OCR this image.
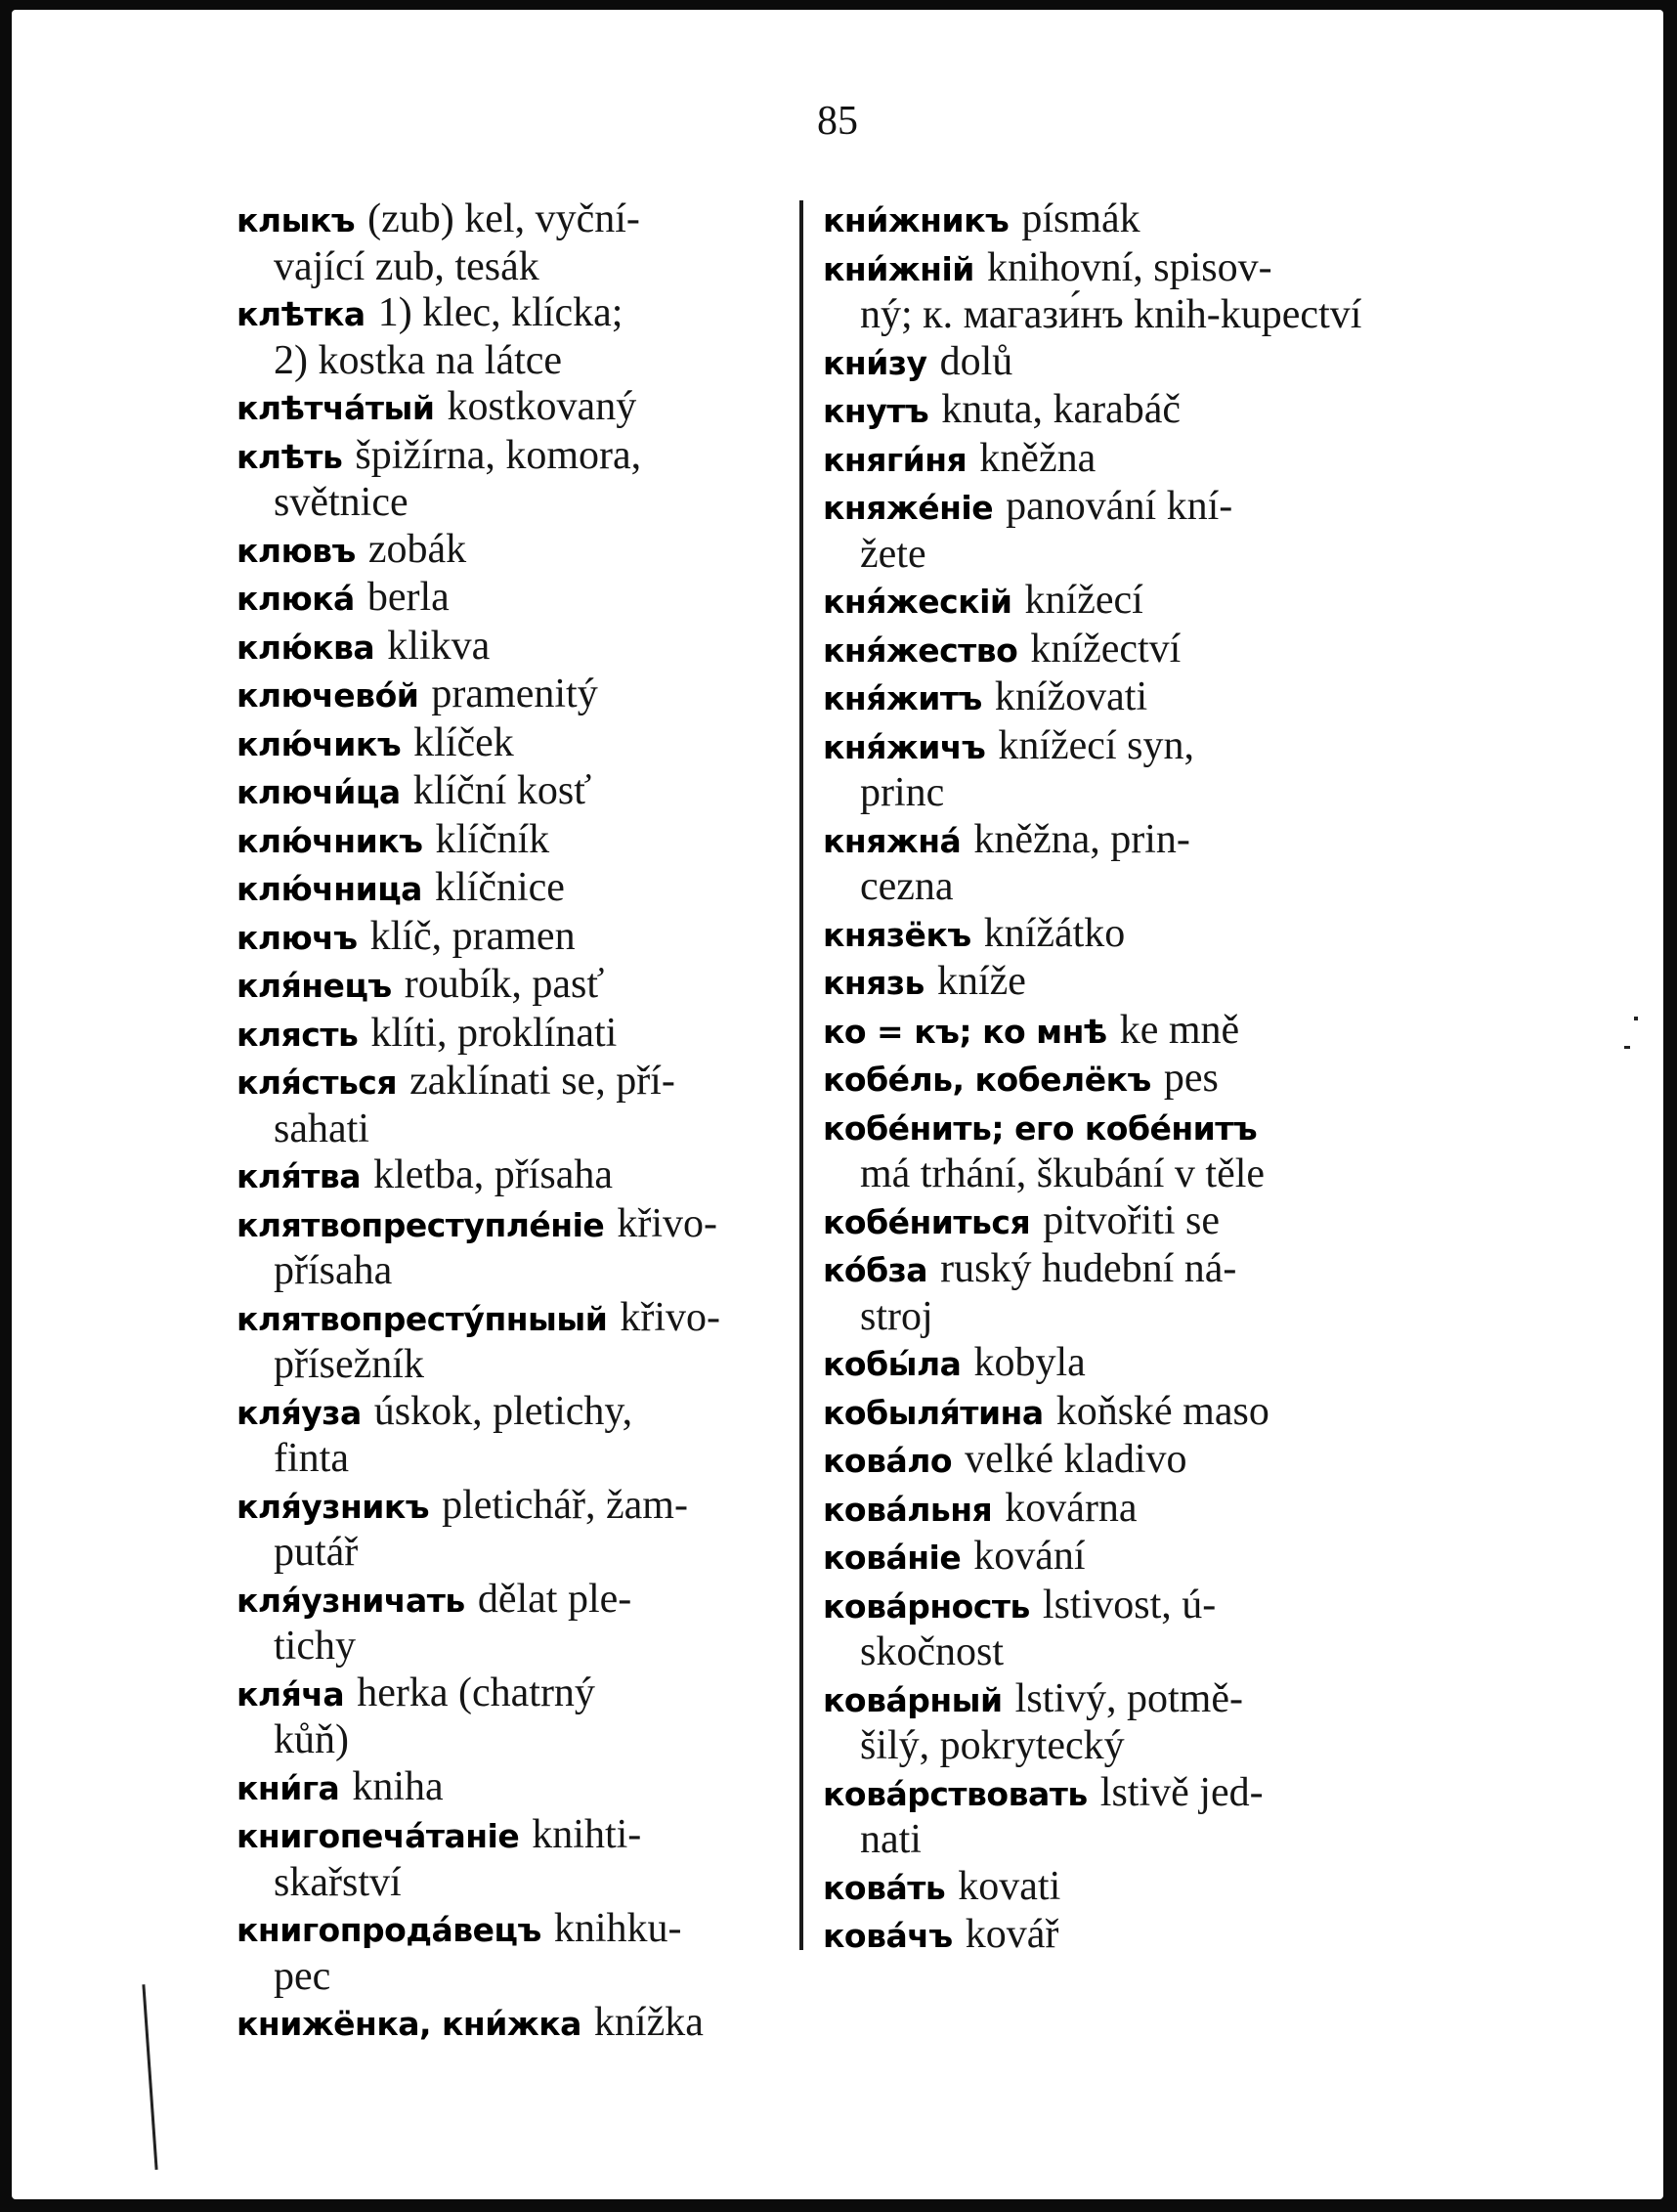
85

клыкъ (zub) kel, vyční-
vající zub, tesák

клѣтка 1) klec, klícka;
2) kostka na látce

клѣтчáтый kostkovaný

клѣть špižírna, komora,
světnice

клювъ zobák

клюкá berla

клю́ква klikva

ключевóй pramenitý

клю́чикъ klíček

ключи́ца klíční kosť

клю́чникъ klíčník

клю́чница klíčnice

ключъ klíč, pramen

кля́нецъ roubík, pasť

клясть klíti, proklínati

кля́сться zaklínati se, pří-
sahati

кля́тва kletba, přísaha

клятвопреступлéніе křivo-
přísaha

клятвопрестýпныый křivo-
přísežník

кля́уза úskok, pletichy,
finta

кля́узникъ pletichář, žam-
putář

кля́узничать dělat ple-
tichy

кля́ча herka (chatrný
kůň)

кни́га kniha

книгопечáтаніе knihti-
skařství

книгопродáвецъ knihku-
pec

книжёнка, кни́жка knížka

кни́жникъ písmák

кни́жній knihovní, spisov-
ný; к. магази́нъ knih-kupectví

кни́зу dolů

кнутъ knuta, karabáč

княги́ня kněžna

княжéніе panování kní-
žete

кня́жескій knížecí

кня́жество knížectví

кня́житъ knížovati

кня́жичъ knížecí syn,
princ

княжнá kněžna, prin-
cezna

князёкъ knížátko

князь kníže

ко = къ; ко мнѣ ke mně

кобéль, кобелёкъ pes

кобéнить; его кобéнитъ
má trhání, škubání v těle

кобéниться pitvořiti se

кóбза ruský hudební ná-
stroj

кобы́ла kobyla

кобыля́тина koňské maso

ковáло velké kladivo

ковáльня kovárna

ковáніе kování

ковáрность lstivost, ú-
skočnost

ковáрный lstivý, potmě-
šilý, pokrytecký

ковáрствовать lstivě jed-
nati

ковáть kovati

ковáчъ kovář
